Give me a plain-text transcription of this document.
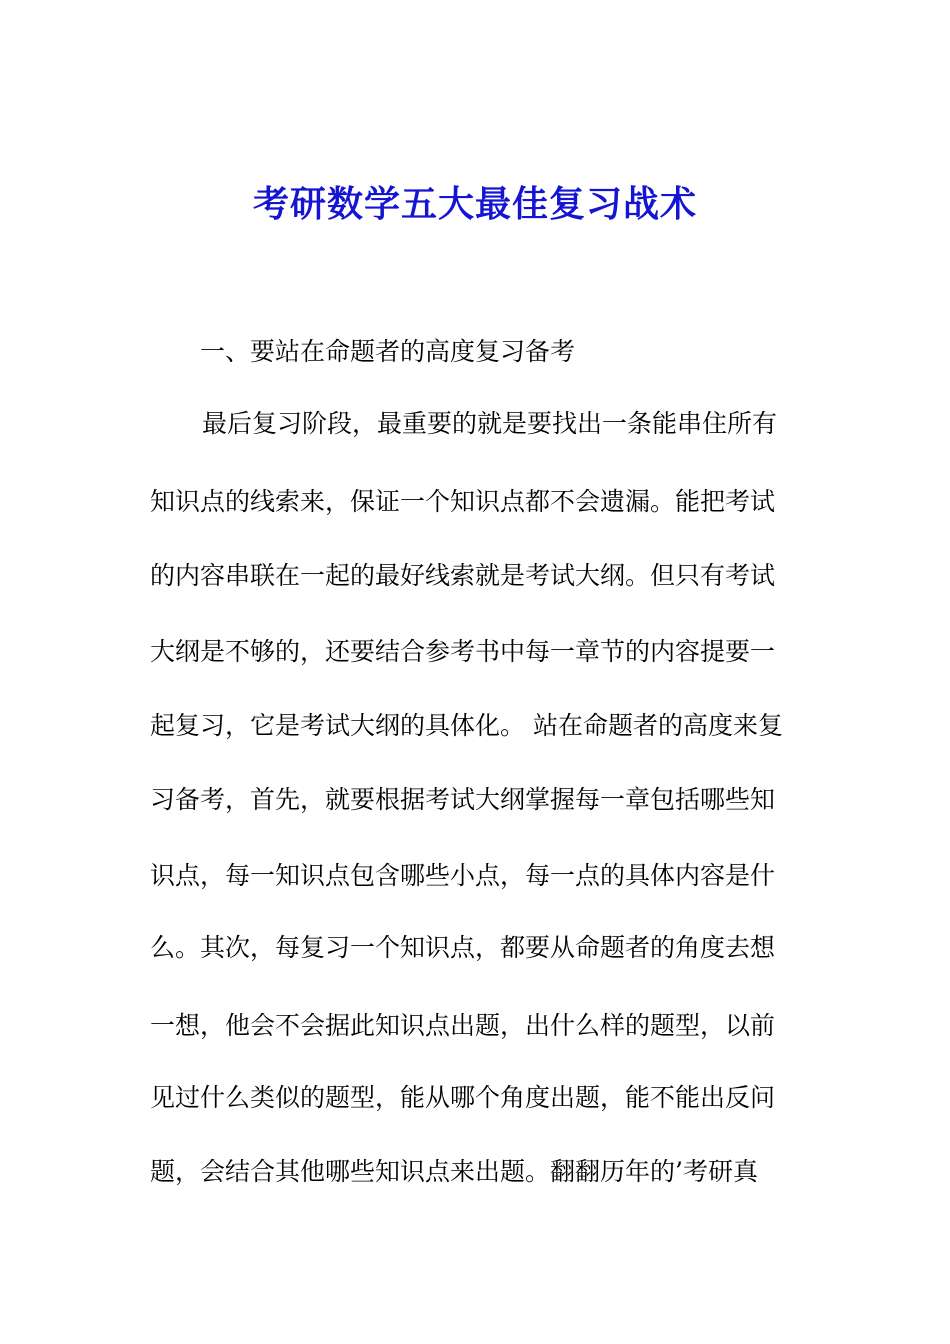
考研数学五大最佳复习战术
一、要站在命题者的高度复习备考
最后复习阶段，最重要的就是要找出一条能串住所有
知识点的线索来，保证一个知识点都不会遗漏。能把考试
的内容串联在一起的最好线索就是考试大纲。但只有考试
大纲是不够的，还要结合参考书中每一章节的内容提要一
起复习，它是考试大纲的具体化。 站在命题者的高度来复
习备考，首先，就要根据考试大纲掌握每一章包括哪些知
识点，每一知识点包含哪些小点，每一点的具体内容是什
么。其次，每复习一个知识点，都要从命题者的角度去想
一想，他会不会据此知识点出题，出什么样的题型，以前
见过什么类似的题型，能从哪个角度出题，能不能出反问
题，会结合其他哪些知识点来出题。翻翻历年的’考研真
